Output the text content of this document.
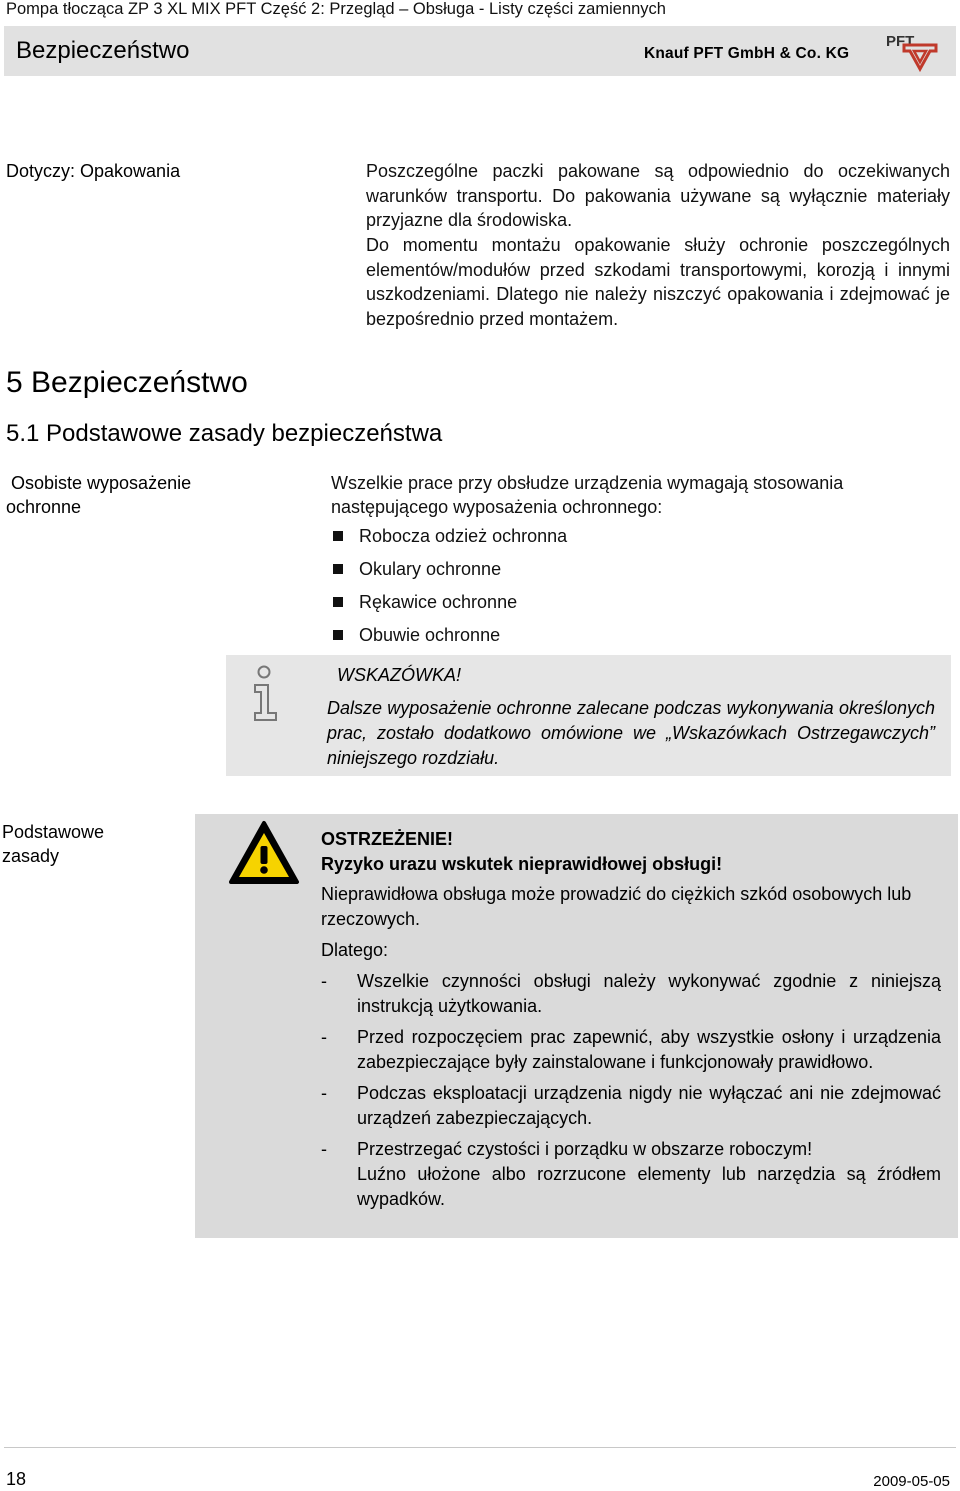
Pompa tłocząca ZP 3 XL MIX PFT Część 2: Przegląd – Obsługa - Listy części zamiennych
Bezpieczeństwo	Knauf PFT GmbH & Co. KG
PFT
Dotyczy: Opakowania	Poszczególne paczki pakowane są odpowiednio do oczekiwanych warunków transportu. Do pakowania używane są wyłącznie materiały przyjazne dla środowiska.
Do momentu montażu opakowanie służy ochronie poszczególnych elementów/modułów przed szkodami transportowymi, korozją i innymi uszkodzeniami. Dlatego nie należy niszczyć opakowania i zdejmować je bezpośrednio przed montażem.
5 Bezpieczeństwo
5.1 Podstawowe zasady bezpieczeństwa
Osobiste wyposażenie
ochronne
Wszelkie prace przy obsłudze urządzenia wymagają stosowania następującego wyposażenia ochronnego:
Robocza odzież ochronna
Okulary ochronne
Rękawice ochronne
Obuwie ochronne
WSKAZÓWKA!
Dalsze wyposażenie ochronne zalecane podczas wykonywania określonych prac, zostało dodatkowo omówione we „Wskazówkach Ostrzegawczych” niniejszego rozdziału.
Podstawowe zasady
OSTRZEŻENIE!
Ryzyko urazu wskutek nieprawidłowej obsługi!
Nieprawidłowa obsługa może prowadzić do ciężkich szkód osobowych lub rzeczowych.
Dlatego:
- Wszelkie czynności obsługi należy wykonywać zgodnie z niniejszą instrukcją użytkowania.
- Przed rozpoczęciem prac zapewnić, aby wszystkie osłony i urządzenia zabezpieczające były zainstalowane i funkcjonowały prawidłowo.
- Podczas eksploatacji urządzenia nigdy nie wyłączać ani nie zdejmować urządzeń zabezpieczających.
- Przestrzegać czystości i porządku w obszarze roboczym!
Luźno ułożone albo rozrzucone elementy lub narzędzia są źródłem wypadków.
18	2009-05-05
